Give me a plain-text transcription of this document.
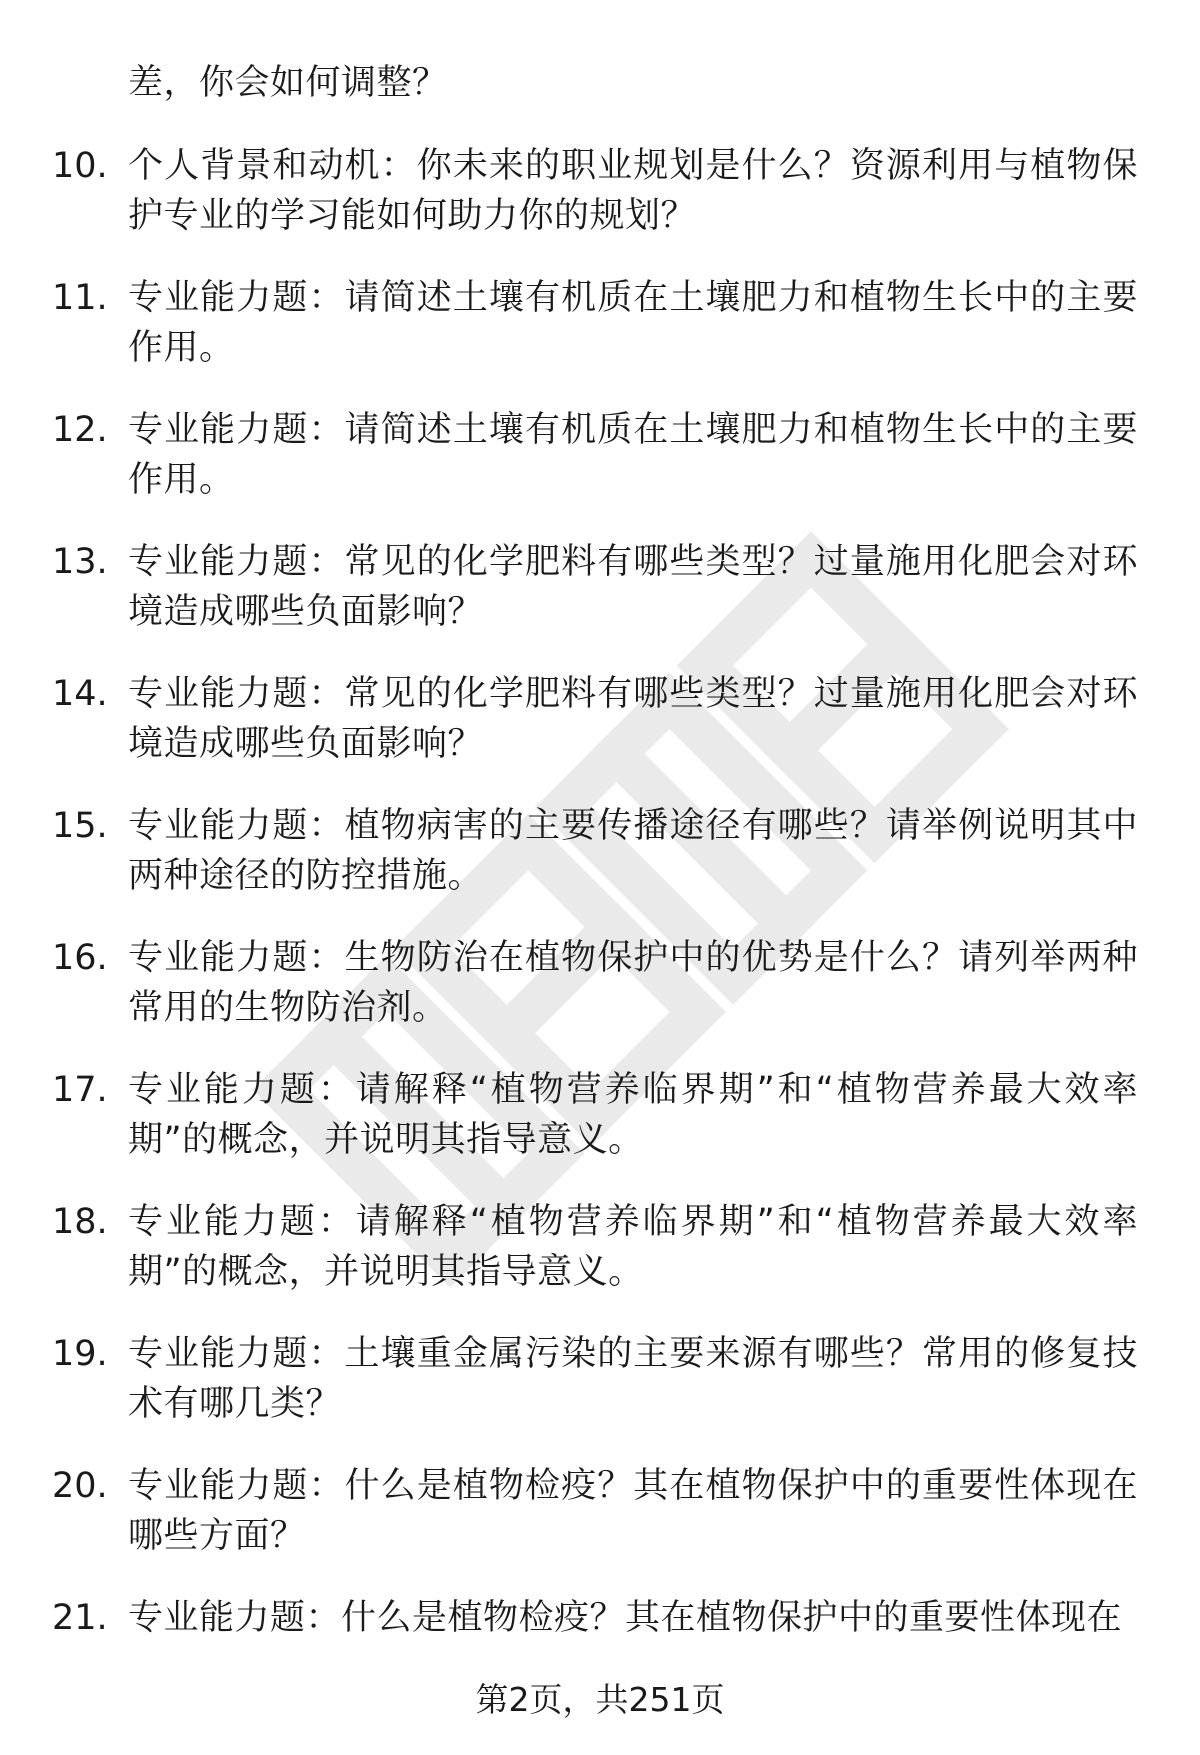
差，你会如何调整？
10. 个人背景和动机：你未来的职业规划是什么？资源利用与植物保护专业的学习能如何助力你的规划？
11. 专业能力题：请简述土壤有机质在土壤肥力和植物生长中的主要作用。
12. 专业能力题：请简述土壤有机质在土壤肥力和植物生长中的主要作用。
13. 专业能力题：常见的化学肥料有哪些类型？过量施用化肥会对环境造成哪些负面影响？
14. 专业能力题：常见的化学肥料有哪些类型？过量施用化肥会对环境造成哪些负面影响？
15. 专业能力题：植物病害的主要传播途径有哪些？请举例说明其中两种途径的防控措施。
16. 专业能力题：生物防治在植物保护中的优势是什么？请列举两种常用的生物防治剂。
17. 专业能力题：请解释“植物营养临界期”和“植物营养最大效率期”的概念，并说明其指导意义。
18. 专业能力题：请解释“植物营养临界期”和“植物营养最大效率期”的概念，并说明其指导意义。
19. 专业能力题：土壤重金属污染的主要来源有哪些？常用的修复技术有哪几类？
20. 专业能力题：什么是植物检疫？其在植物保护中的重要性体现在哪些方面？
21. 专业能力题：什么是植物检疫？其在植物保护中的重要性体现在
第2页，共251页
